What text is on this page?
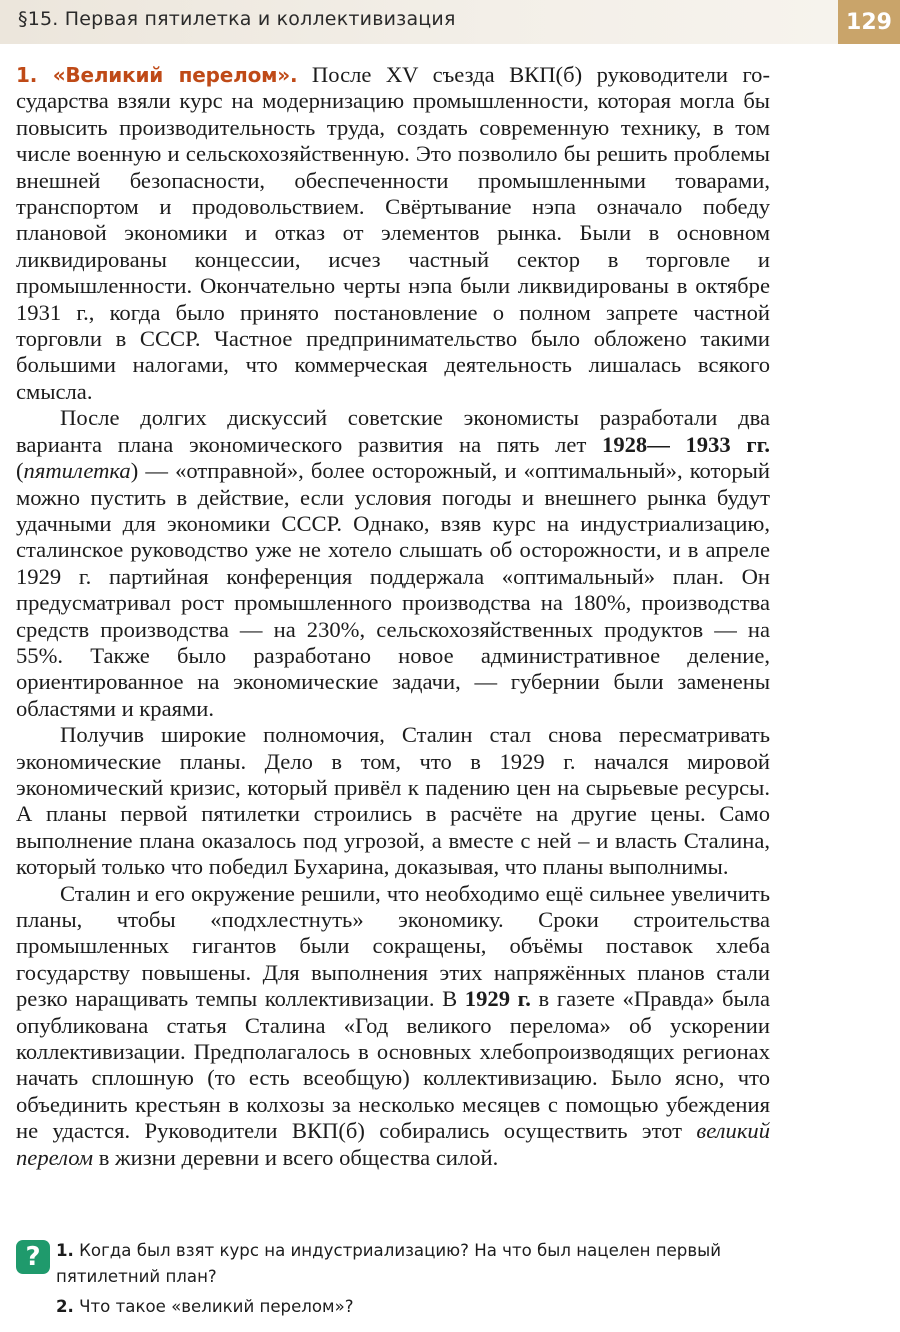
§15. Первая пятилетка и коллективизация	129

1. «Великий перелом». После XV съезда ВКП(б) руководители государства взяли курс на модернизацию промышленности, которая могла бы повысить производительность труда, создать современную технику, в том числе военную и сельскохозяйственную. Это позволило бы решить проблемы внешней безопасности, обеспеченности промышленными товарами, транспортом и продовольствием. Свёртывание нэпа означало победу плановой экономики и отказ от элементов рынка. Были в основном ликвидированы концессии, исчез частный сектор в торговле и промышленности. Окончательно черты нэпа были ликвидированы в октябре 1931 г., когда было принято постановление о полном запрете частной торговли в СССР. Частное предпринимательство было обложено такими большими налогами, что коммерческая деятельность лишалась всякого смысла.

После долгих дискуссий советские экономисты разработали два варианта плана экономического развития на пять лет 1928— 1933 гг. (пятилетка) — «отправной», более осторожный, и «оптимальный», который можно пустить в действие, если условия погоды и внешнего рынка будут удачными для экономики СССР. Однако, взяв курс на индустриализацию, сталинское руководство уже не хотело слышать об осторожности, и в апреле 1929 г. партийная конференция поддержала «оптимальный» план. Он предусматривал рост промышленного производства на 180%, производства средств производства — на 230%, сельскохозяйственных продуктов — на 55%. Также было разработано новое административное деление, ориентированное на экономические задачи, — губернии были заменены областями и краями.

Получив широкие полномочия, Сталин стал снова пересматривать экономические планы. Дело в том, что в 1929 г. начался мировой экономический кризис, который привёл к падению цен на сырьевые ресурсы. А планы первой пятилетки строились в расчёте на другие цены. Само выполнение плана оказалось под угрозой, а вместе с ней – и власть Сталина, который только что победил Бухарина, доказывая, что планы выполнимы.

Сталин и его окружение решили, что необходимо ещё сильнее увеличить планы, чтобы «подхлестнуть» экономику. Сроки строительства промышленных гигантов были сокращены, объёмы поставок хлеба государству повышены. Для выполнения этих напряжённых планов стали резко наращивать темпы коллективизации. В 1929 г. в газете «Правда» была опубликована статья Сталина «Год великого перелома» об ускорении коллективизации. Предполагалось в основных хлебопроизводящих регионах начать сплошную (то есть всеобщую) коллективизацию. Было ясно, что объединить крестьян в колхозы за несколько месяцев с помощью убеждения не удастся. Руководители ВКП(б) собирались осуществить этот великий перелом в жизни деревни и всего общества силой.

? 1. Когда был взят курс на индустриализацию? На что был нацелен первый пятилетний план?
2. Что такое «великий перелом»?
